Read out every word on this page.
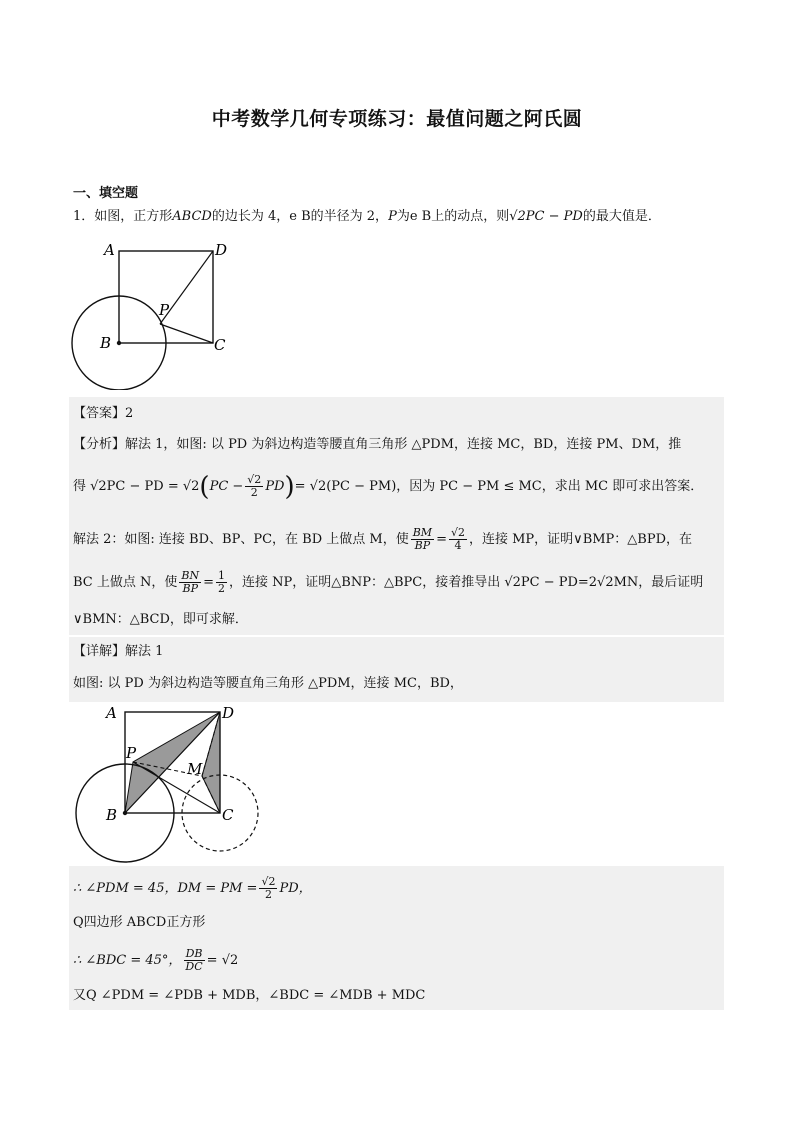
中考数学几何专项练习：最值问题之阿氏圆
一、填空题
1．如图，正方形ABCD的边长为 4，e B的半径为 2，P为e B上的动点，则√2PC − PD的最大值是．
A	D
P
B	C
【答案】2
【分析】解法 1，如图: 以 PD 为斜边构造等腰直角三角形 △PDM，连接 MC，BD，连接 PM、DM，推
得 √2PC − PD = √2 ( PC − $\frac{√2}{2}$ PD ) = √2(PC − PM)，因为 PC − PM ≤ MC，求出 MC 即可求出答案．
解法 2：如图: 连接 BD、BP、PC，在 BD 上做点 M，使 $\frac{BM}{BP} = \frac{√2}{4}$ ，连接 MP，证明∨BMP：△BPD，在
BC 上做点 N，使 $\frac{BN}{BP} = \frac{1}{2}$ ，连接 NP，证明△BNP：△BPC，接着推导出 √2PC − PD=2√2MN，最后证明
∨BMN：△BCD，即可求解．
【详解】解法 1
如图: 以 PD 为斜边构造等腰直角三角形 △PDM，连接 MC，BD，
A	D
P
M
B	C
∴ ∠PDM = 45，DM = PM = $\frac{√2}{2}$ PD，
Q四边形 ABCD正方形
∴ ∠BDC = 45°， $\frac{DB}{DC} = √2$
又Q ∠PDM = ∠PDB + MDB，∠BDC = ∠MDB + MDC
